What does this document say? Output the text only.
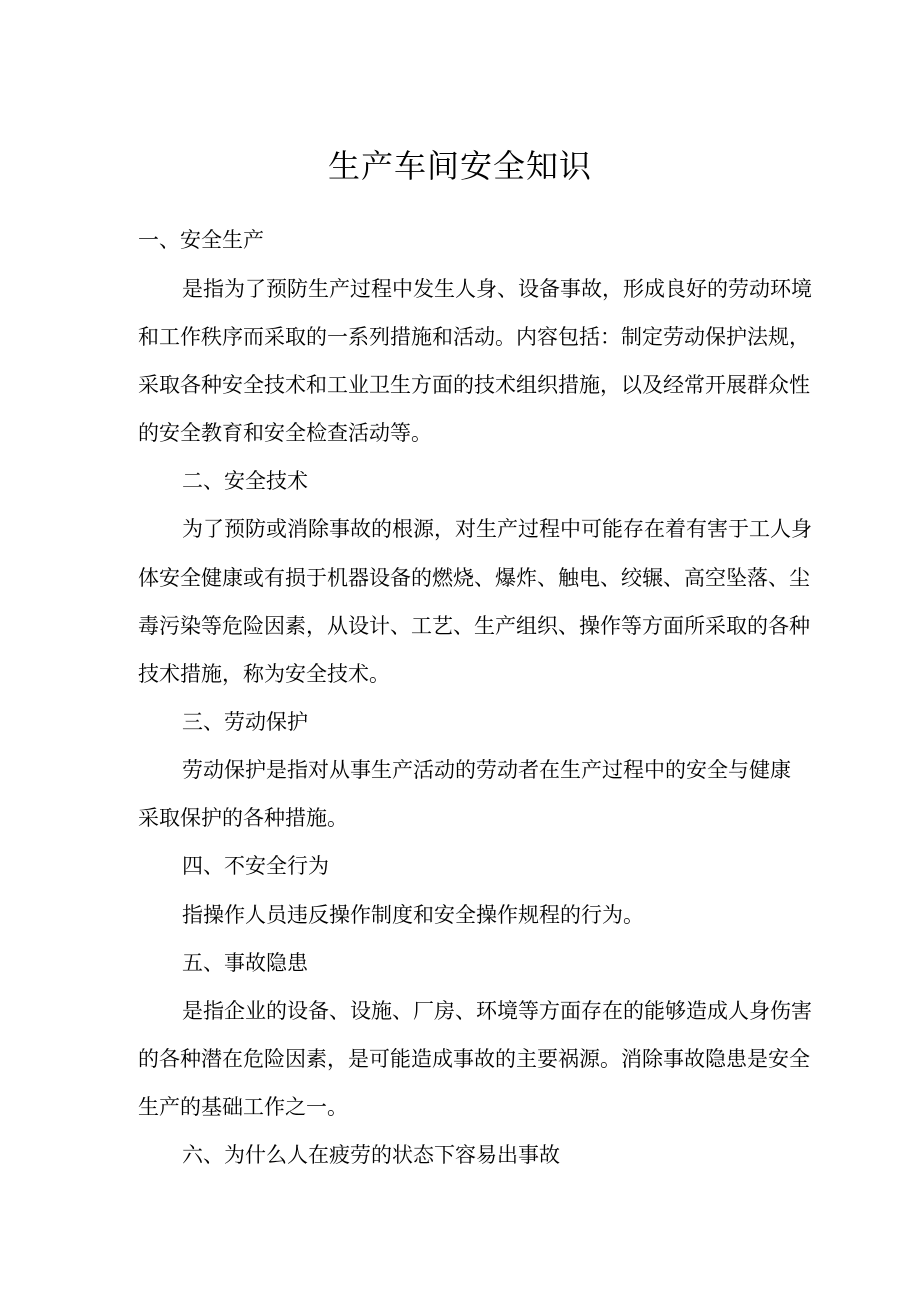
生产车间安全知识

一、安全生产

是指为了预防生产过程中发生人身、设备事故，形成良好的劳动环境

和工作秩序而采取的一系列措施和活动。内容包括：制定劳动保护法规，

采取各种安全技术和工业卫生方面的技术组织措施，以及经常开展群众性

的安全教育和安全检查活动等。

二、安全技术

为了预防或消除事故的根源，对生产过程中可能存在着有害于工人身

体安全健康或有损于机器设备的燃烧、爆炸、触电、绞辗、高空坠落、尘

毒污染等危险因素，从设计、工艺、生产组织、操作等方面所采取的各种

技术措施，称为安全技术。

三、劳动保护

劳动保护是指对从事生产活动的劳动者在生产过程中的安全与健康

采取保护的各种措施。

四、不安全行为

指操作人员违反操作制度和安全操作规程的行为。

五、事故隐患

是指企业的设备、设施、厂房、环境等方面存在的能够造成人身伤害

的各种潜在危险因素，是可能造成事故的主要祸源。消除事故隐患是安全

生产的基础工作之一。

六、为什么人在疲劳的状态下容易出事故
